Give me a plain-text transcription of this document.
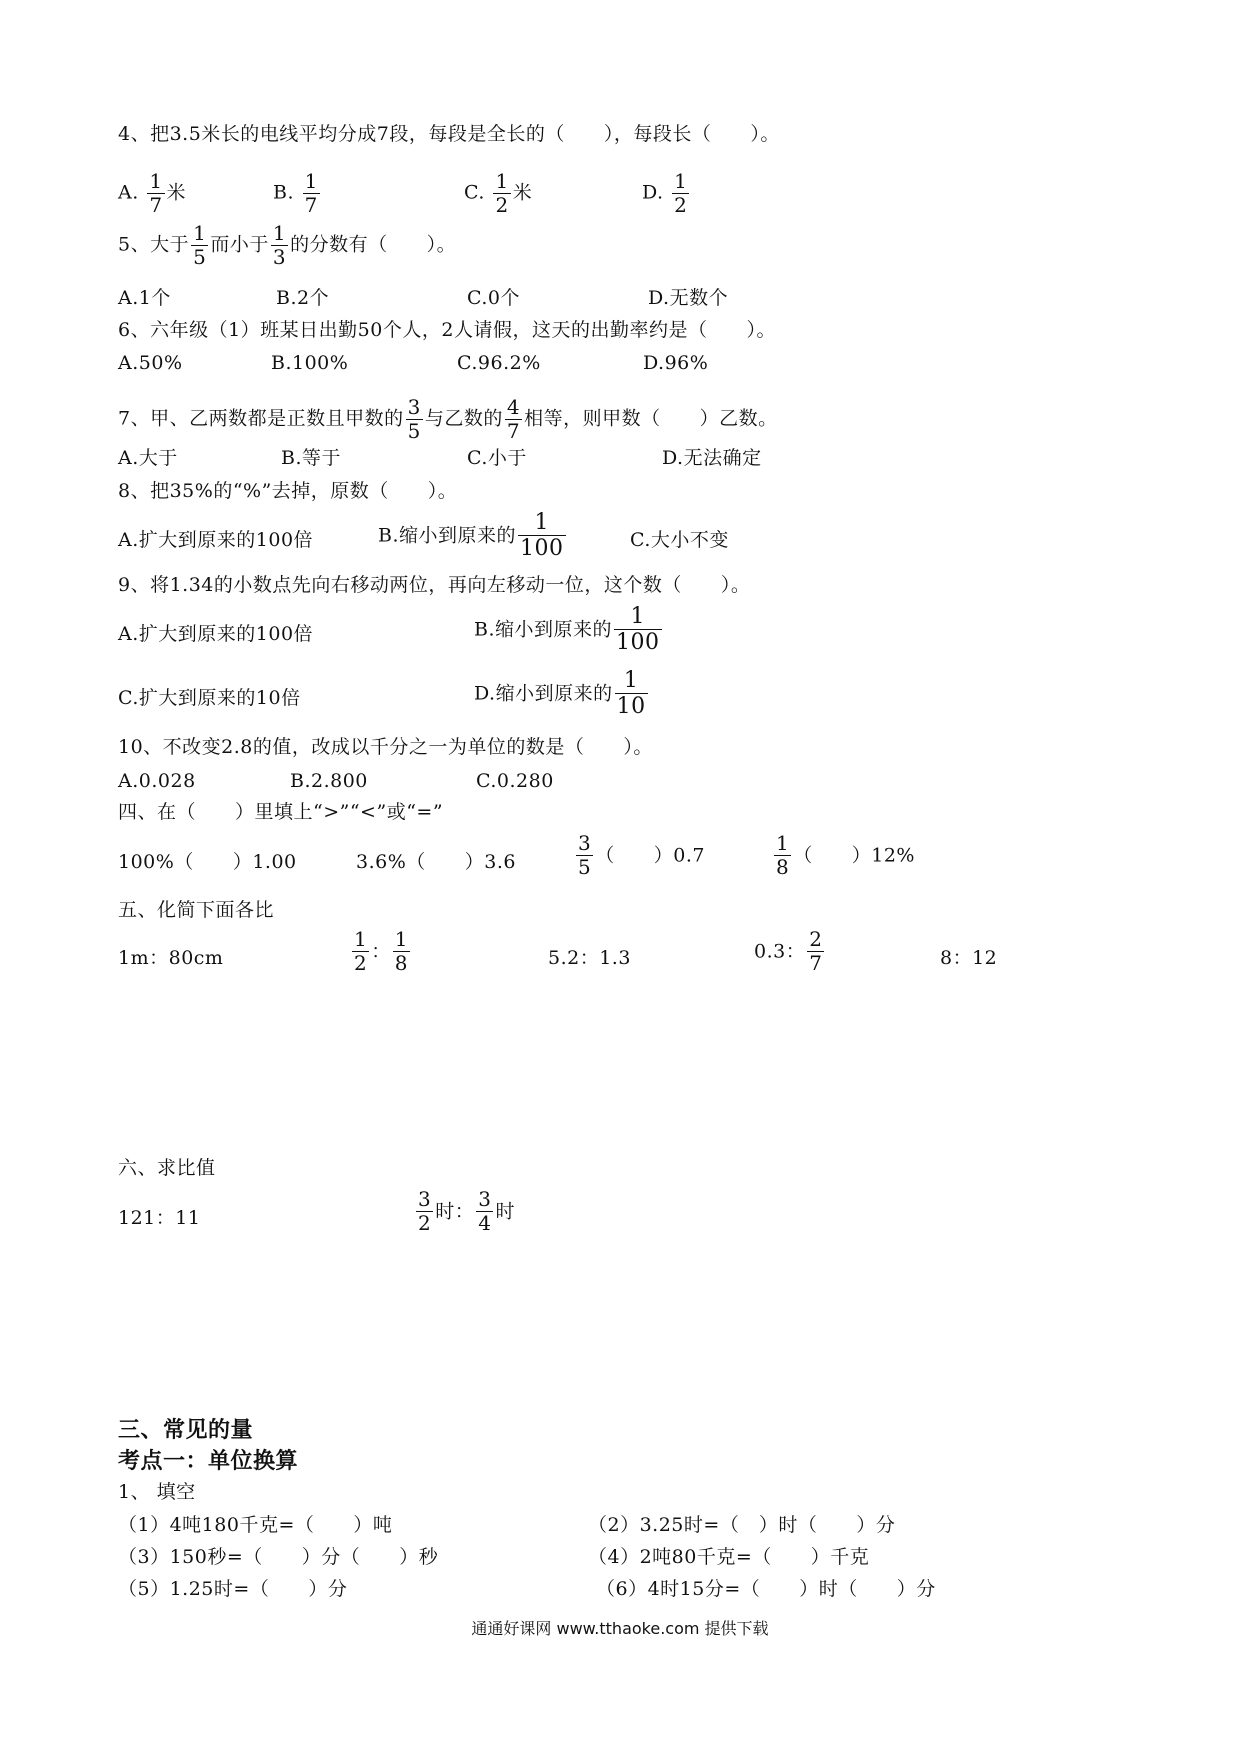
4、把3.5米长的电线平均分成7段，每段是全长的（　　），每段长（　　）。
A. $\frac{1}{7}$ 米	B. $\frac{1}{7}$	C. $\frac{1}{2}$ 米	D. $\frac{1}{2}$
5、大于 $\frac{1}{5}$ 而小于 $\frac{1}{3}$ 的分数有（　　）。
A.1个	B.2个	C.0个	D.无数个
6、六年级（1）班某日出勤50个人，2人请假，这天的出勤率约是（　　）。
A.50%	B.100%	C.96.2%	D.96%
7、甲、乙两数都是正数且甲数的 $\frac{3}{5}$ 与乙数的 $\frac{4}{7}$ 相等，则甲数（　　）乙数。
A.大于	B.等于	C.小于	D.无法确定
8、把35%的“%”去掉，原数（　　）。
A.扩大到原来的100倍	B.缩小到原来的 $\frac{1}{100}$	C.大小不变
9、将1.34的小数点先向右移动两位，再向左移动一位，这个数（　　）。
A.扩大到原来的100倍	B.缩小到原来的 $\frac{1}{100}$
C.扩大到原来的10倍	D.缩小到原来的 $\frac{1}{10}$
10、不改变2.8的值，改成以千分之一为单位的数是（　　）。
A.0.028	B.2.800	C.0.280
四、在（　　）里填上“>”“<”或“=”
100%（　　）1.00	3.6%（　　）3.6	$\frac{3}{5}$ （　　）0.7	$\frac{1}{8}$ （　　）12%
五、化简下面各比
1m：80cm	$\frac{1}{2}$ ： $\frac{1}{8}$	5.2：1.3	0.3： $\frac{2}{7}$	8：12
六、求比值
121：11	$\frac{3}{2}$ 时： $\frac{3}{4}$ 时
三、常见的量
考点一：单位换算
1、 填空
（1）4吨180千克=（　　）吨	（2）3.25时=（　）时（　　）分
（3）150秒=（　　）分（　　）秒	（4）2吨80千克=（　　）千克
（5）1.25时=（　　）分	（6）4时15分=（　　）时（　　）分
通通好课网 www.tthaoke.com 提供下载
